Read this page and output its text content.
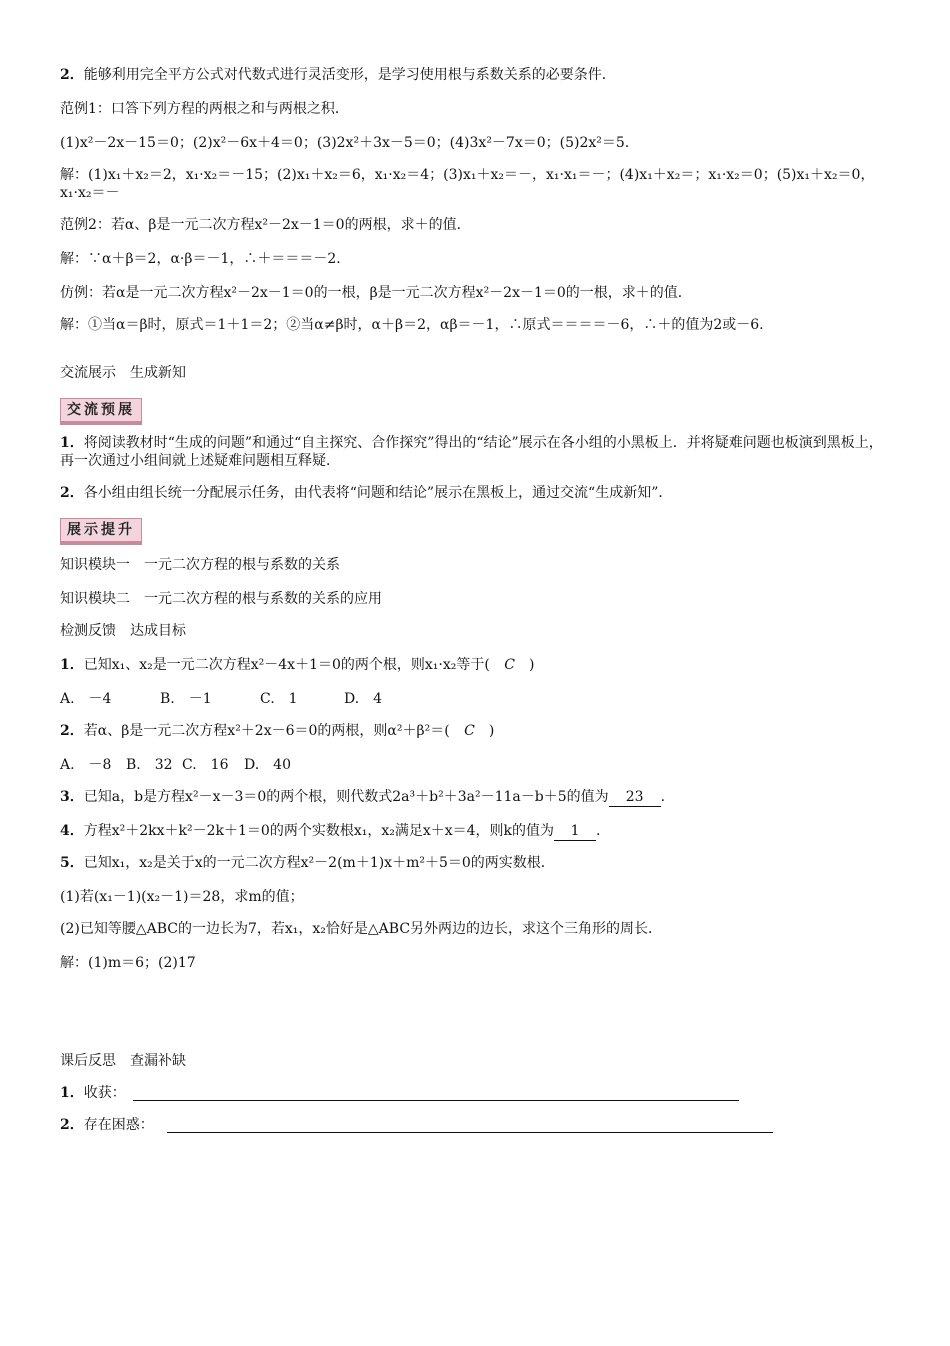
2．能够利用完全平方公式对代数式进行灵活变形，是学习使用根与系数关系的必要条件．
范例1：口答下列方程的两根之和与两根之积．
(1)x²－2x－15＝0；(2)x²－6x＋4＝0；(3)2x²＋3x－5＝0；(4)3x²－7x＝0；(5)2x²＝5.
解：(1)x₁＋x₂＝2，x₁·x₂＝－15；(2)x₁＋x₂＝6，x₁·x₂＝4；(3)x₁＋x₂＝－，x₁·x₁＝－；(4)x₁＋x₂＝；x₁·x₂＝0；(5)x₁＋x₂＝0，x₁·x₂＝－
范例2：若α、β是一元二次方程x²－2x－1＝0的两根，求＋的值．
解：∵α＋β＝2，α·β＝－1，∴＋＝＝＝－2.
仿例：若α是一元二次方程x²－2x－1＝0的一根，β是一元二次方程x²－2x－1＝0的一根，求＋的值．
解：①当α＝β时，原式＝1＋1＝2；②当α≠β时，α＋β＝2，αβ＝－1，∴原式＝＝＝＝－6，∴＋的值为2或－6.
交流展示　生成新知
交流预展
1．将阅读教材时“生成的问题”和通过“自主探究、合作探究”得出的“结论”展示在各小组的小黑板上．并将疑难问题也板演到黑板上，再一次通过小组间就上述疑难问题相互释疑．
2．各小组由组长统一分配展示任务，由代表将“问题和结论”展示在黑板上，通过交流“生成新知”．
展示提升
知识模块一　一元二次方程的根与系数的关系
知识模块二　一元二次方程的根与系数的关系的应用
检测反馈　达成目标
1．已知x₁、x₂是一元二次方程x²－4x＋1＝0的两个根，则x₁·x₂等于( C )
A.　－4	B.　－1	C.　1	D.　4
2．若α、β是一元二次方程x²＋2x－6＝0的两根，则α²＋β²＝( C )
A.　－8 B.　32 C.　16 D.　40
3．已知a，b是方程x²－x－3＝0的两个根，则代数式2a³＋b²＋3a²－11a－b＋5的值为 23 .
4．方程x²＋2kx＋k²－2k＋1＝0的两个实数根x₁，x₂满足x＋x＝4，则k的值为 1 .
5．已知x₁，x₂是关于x的一元二次方程x²－2(m＋1)x＋m²＋5＝0的两实数根．
(1)若(x₁－1)(x₂－1)＝28，求m的值；
(2)已知等腰△ABC的一边长为7，若x₁，x₂恰好是△ABC另外两边的边长，求这个三角形的周长．
解：(1)m＝6；(2)17
课后反思　查漏补缺
1．收获：
2．存在困惑：
